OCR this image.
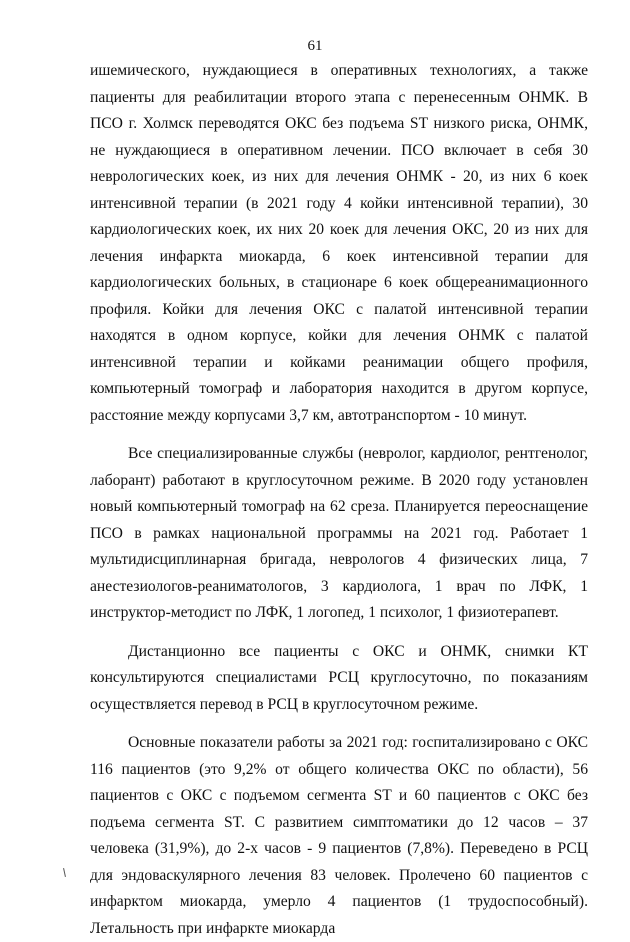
61

ишемического, нуждающиеся в оперативных технологиях, а также пациенты для реабилитации второго этапа с перенесенным ОНМК. В ПСО г. Холмск переводятся ОКС без подъема ST низкого риска, ОНМК, не нуждающиеся в оперативном лечении. ПСО включает в себя 30 неврологических коек, из них для лечения ОНМК - 20, из них 6 коек интенсивной терапии (в 2021 году 4 койки интенсивной терапии), 30 кардиологических коек, их них 20 коек для лечения ОКС, 20 из них для лечения инфаркта миокарда, 6 коек интенсивной терапии для кардиологических больных, в стационаре 6 коек общереанимационного профиля. Койки для лечения ОКС с палатой интенсивной терапии находятся в одном корпусе, койки для лечения ОНМК с палатой интенсивной терапии и койками реанимации общего профиля, компьютерный томограф и лаборатория находится в другом корпусе, расстояние между корпусами 3,7 км, автотранспортом - 10 минут.

Все специализированные службы (невролог, кардиолог, рентгенолог, лаборант) работают в круглосуточном режиме. В 2020 году установлен новый компьютерный томограф на 62 среза. Планируется переоснащение ПСО в рамках национальной программы на 2021 год. Работает 1 мультидисциплинарная бригада, неврологов 4 физических лица, 7 анестезиологов-реаниматологов, 3 кардиолога, 1 врач по ЛФК, 1 инструктор-методист по ЛФК, 1 логопед, 1 психолог, 1 физиотерапевт.

Дистанционно все пациенты с ОКС и ОНМК, снимки КТ консультируются специалистами РСЦ круглосуточно, по показаниям осуществляется перевод в РСЦ в круглосуточном режиме.

Основные показатели работы за 2021 год: госпитализировано с ОКС 116 пациентов (это 9,2% от общего количества ОКС по области), 56 пациентов с ОКС с подъемом сегмента ST и 60 пациентов с ОКС без подъема сегмента ST. С развитием симптоматики до 12 часов – 37 человека (31,9%), до 2-х часов - 9 пациентов (7,8%). Переведено в РСЦ для эндоваскулярного лечения 83 человек. Пролечено 60 пациентов с инфарктом миокарда, умерло 4 пациентов (1 трудоспособный). Летальность при инфаркте миокарда
